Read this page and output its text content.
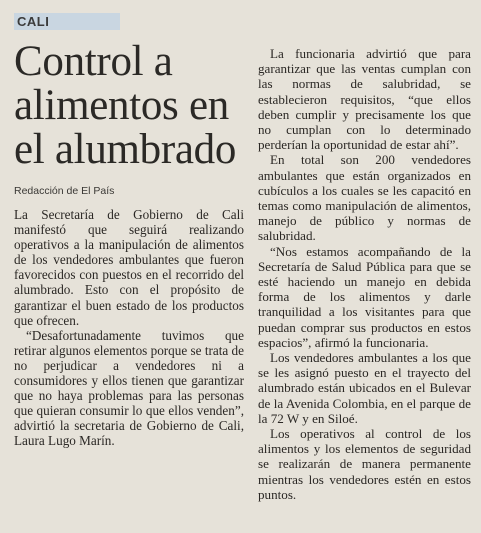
CALI
Control a alimentos en el alumbrado
Redacción de El País

La Secretaría de Gobierno de Cali manifestó que seguirá realizando operativos a la manipulación de alimentos de los vendedores ambulantes que fueron favorecidos con puestos en el recorrido del alumbrado. Esto con el propósito de garantizar el buen estado de los productos que ofrecen.

“Desafortunadamente tuvimos que retirar algunos elementos porque se trata de no perjudicar a vendedores ni a consumidores y ellos tienen que garantizar que no haya problemas para las personas que quieran consumir lo que ellos venden”, advirtió la secretaria de Gobierno de Cali, Laura Lugo Marín.

La funcionaria advirtió que para garantizar que las ventas cumplan con las normas de salubridad, se establecieron requisitos, “que ellos deben cumplir y precisamente los que no cumplan con lo determinado perderían la oportunidad de estar ahí”.

En total son 200 vendedores ambulantes que están organizados en cubículos a los cuales se les capacitó en temas como manipulación de alimentos, manejo de público y normas de salubridad.

“Nos estamos acompañando de la Secretaría de Salud Pública para que se esté haciendo un manejo en debida forma de los alimentos y darle tranquilidad a los visitantes para que puedan comprar sus productos en estos espacios”, afirmó la funcionaria.

Los vendedores ambulantes a los que se les asignó puesto en el trayecto del alumbrado están ubicados en el Bulevar de la Avenida Colombia, en el parque de la 72 W y en Siloé.

Los operativos al control de los alimentos y los elementos de seguridad se realizarán de manera permanente mientras los vendedores estén en estos puntos.
